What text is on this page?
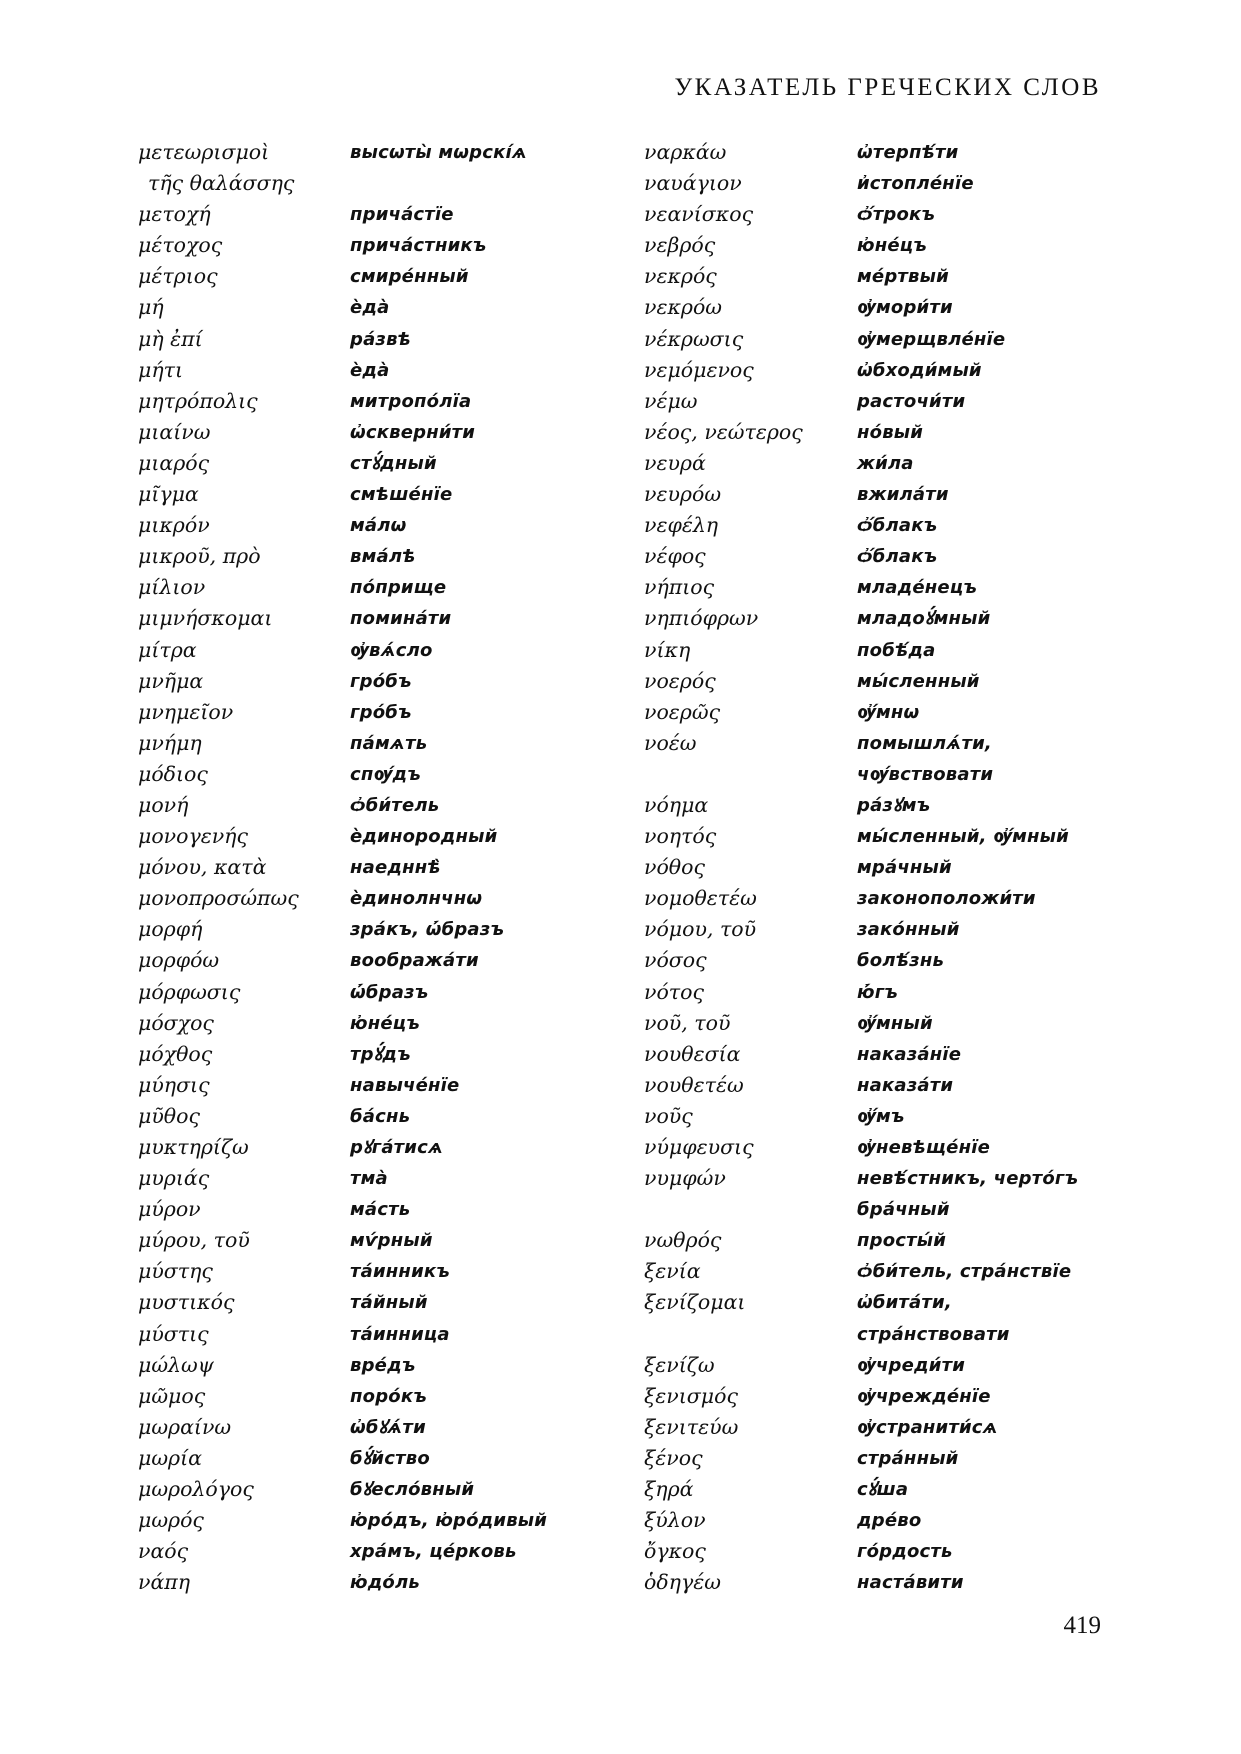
УКАЗАТЕЛЬ ГРЕЧЕСКИХ СЛОВ

μετεωρισμοὶ
τῆς θαλάσσης
μετοχή
μέτοχος
μέτριος
μή
μὴ ἐπί
μήτι
μητρόπολις
μιαίνω
μιαρός
μῖγμα
μικρόν
μικροῦ, πρὸ
μίλιον
μιμνήσκομαι
μίτρα
μνῆμα
μνημεῖον
μνήμη
μόδιος
μονή
μονογενής
μόνου, κατὰ
μονοπροσώπως
μορφή
μορφόω
μόρφωσις
μόσχος
μόχθος
μύησις
μῦθος
μυκτηρίζω
μυριάς
μύρον
μύρου, τοῦ
μύστης
μυστικός
μύστις
μώλωψ
μῶμος
μωραίνω
μωρία
μωρολόγος
μωρός
ναός
νάπη
высѡты̀ мѡрскі́ѧ
прича́стїе
прича́стникъ
смире́нный
ѐда̀
ра́звѣ
ѐда̀
митропо́лїа
ѡ҆скверни́ти
стꙋ́дный
смѣше́нїе
ма́лѡ
вма́лѣ
по́прище
помина́ти
ѹ҆вѧ́сло
гро́бъ
гро́бъ
па́мѧть
спѹ́дъ
ѻ҆би́тель
ѐдинородный
наедннѣ̀
ѐдинолнчнѡ
зра́къ, ѡ҆́бразъ
вообража́ти
ѡ҆́бразъ
ю҆не́цъ
трꙋ́дъ
навыче́нїе
ба́снь
рꙋга́тисѧ
тма̀
ма́сть
мѵ́рный
та́инникъ
та́йный
та́инница
вре́дъ
поро́къ
ѡ҆бꙋѧ́ти
бꙋ́йство
бꙋесло́вный
ю҆ро́дъ, ю҆ро́дивый
хра́мъ, це́рковь
ю҆до́ль
ναρκάω
ναυάγιον
νεανίσκος
νεβρός
νεκρός
νεκρόω
νέκρωσις
νεμόμενος
νέμω
νέος, νεώτερος
νευρά
νευρόω
νεφέλη
νέφος
νήπιος
νηπιόφρων
νίκη
νοερός
νοερῶς
νοέω
νόημα
νοητός
νόθος
νομοθετέω
νόμου, τοῦ
νόσος
νότος
νοῦ, τοῦ
νουθεσία
νουθετέω
νοῦς
νύμφευσις
νυμφών
νωθρός
ξενία
ξενίζομαι
ξενίζω
ξενισμός
ξενιτεύω
ξένος
ξηρά
ξύλον
ὄγκος
ὁδηγέω
ѡ҆терпѣ́ти
и҆стопле́нїе
ѻ҆́трокъ
ю҆не́цъ
ме́ртвый
ѹ҆мори́ти
ѹ҆мерщвле́нїе
ѡ҆бходи́мый
расточи́ти
но́вый
жи́ла
вжила́ти
ѻ҆́блакъ
ѻ҆́блакъ
младе́нецъ
младоꙋ́мный
побѣ́да
мы́сленный
ѹ҆́мнѡ
помышлѧ́ти,
чѹ́вствовати
ра́зꙋмъ
мы́сленный, ѹ҆́мный
мра́чный
законоположи́ти
зако́нный
болѣ́знь
ю҆́гъ
ѹ҆́мный
наказа́нїе
наказа́ти
ѹ҆́мъ
ѹ҆невѣще́нїе
невѣ́стникъ, черто́гъ
бра́чный
просты́й
ѻ҆би́тель, стра́нствїе
ѡ҆бита́ти,
стра́нствовати
ѹ҆чреди́ти
ѹ҆чрежде́нїе
ѹ҆странити́сѧ
стра́нный
сꙋ́ша
дре́во
го́рдость
наста́вити

419
